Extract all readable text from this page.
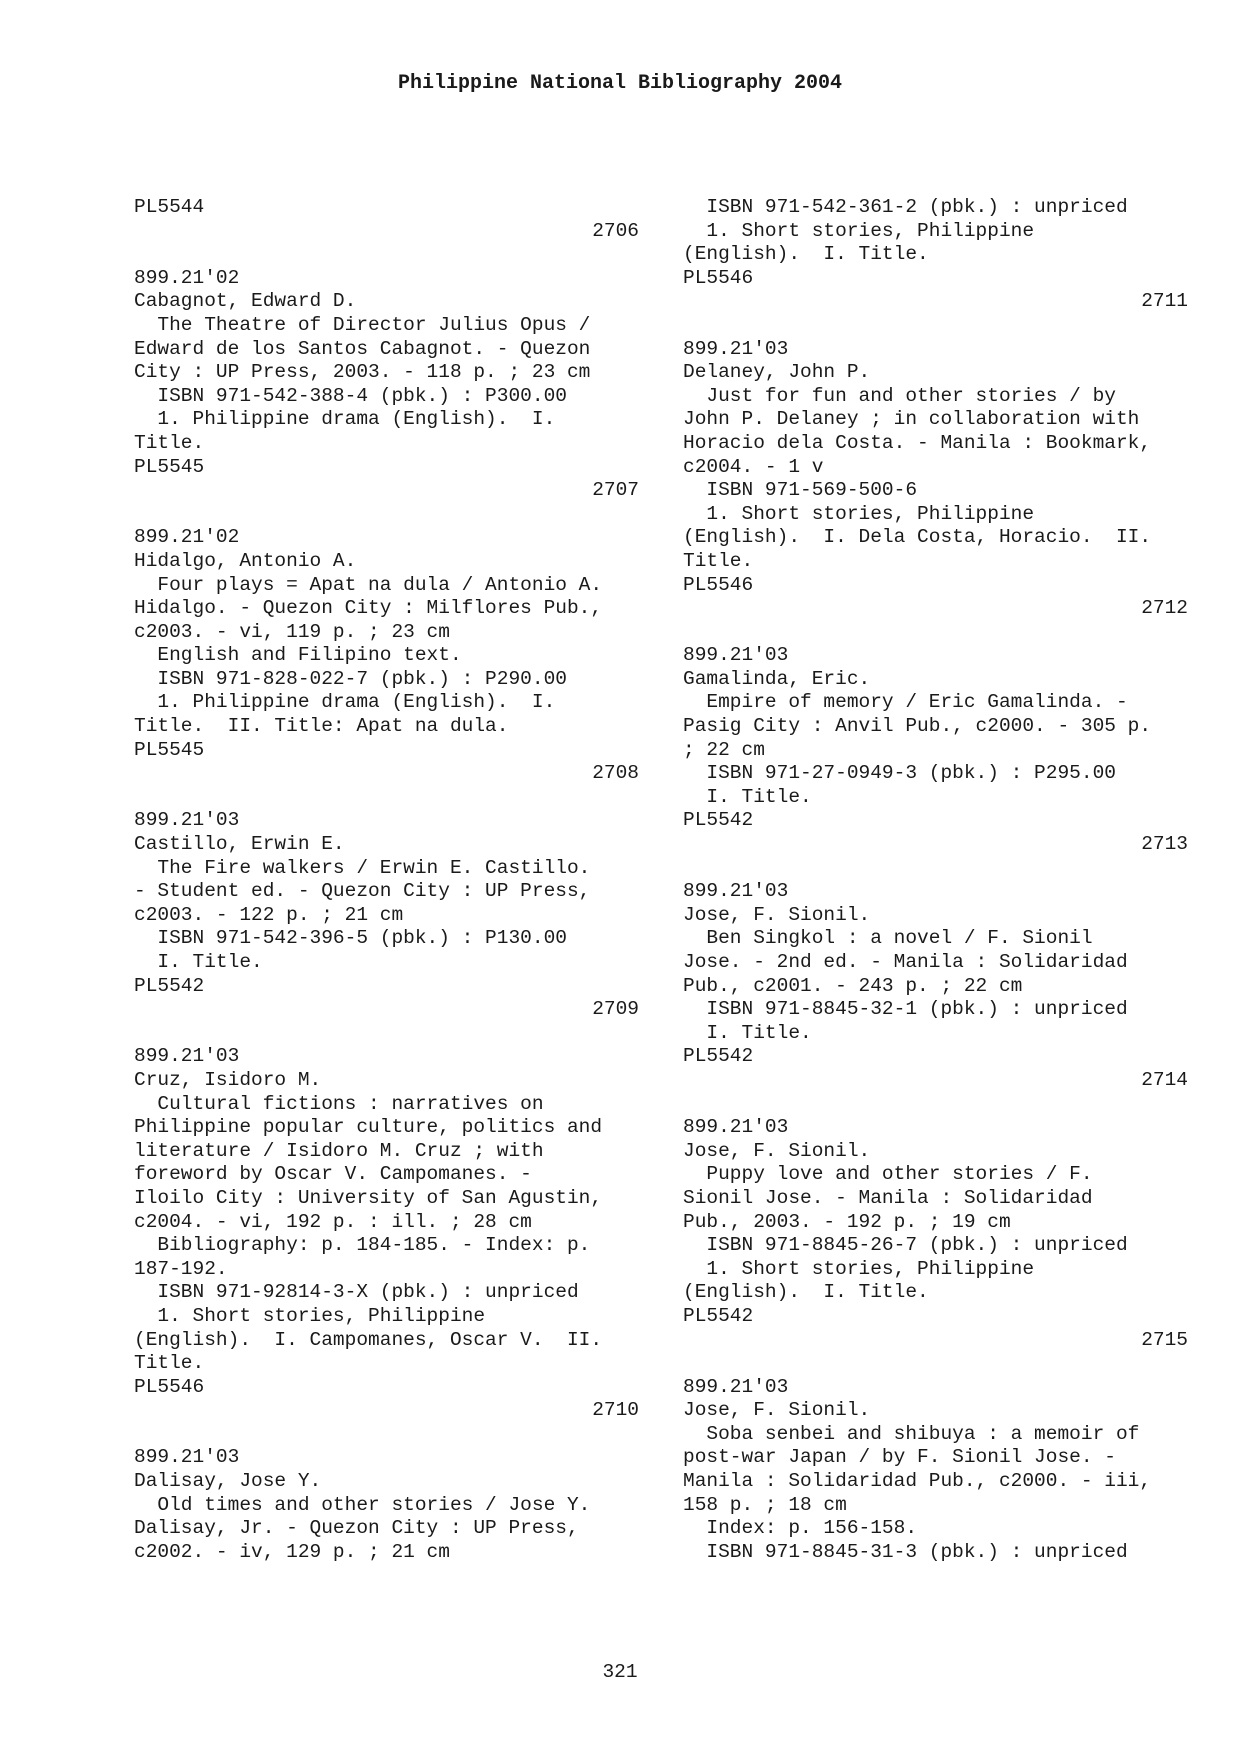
Philippine National Bibliography 2004
PL5544
2706
899.21'02
Cabagnot, Edward D.
The Theatre of Director Julius Opus /
Edward de los Santos Cabagnot. - Quezon
City : UP Press, 2003. - 118 p. ; 23 cm
ISBN 971-542-388-4 (pbk.) : P300.00
1. Philippine drama (English).  I.
Title.
PL5545
2707
899.21'02
Hidalgo, Antonio A.
Four plays = Apat na dula / Antonio A.
Hidalgo. - Quezon City : Milflores Pub.,
c2003. - vi, 119 p. ; 23 cm
English and Filipino text.
ISBN 971-828-022-7 (pbk.) : P290.00
1. Philippine drama (English).  I.
Title.  II. Title: Apat na dula.
PL5545
2708
899.21'03
Castillo, Erwin E.
The Fire walkers / Erwin E. Castillo.
- Student ed. - Quezon City : UP Press,
c2003. - 122 p. ; 21 cm
ISBN 971-542-396-5 (pbk.) : P130.00
I. Title.
PL5542
2709
899.21'03
Cruz, Isidoro M.
Cultural fictions : narratives on
Philippine popular culture, politics and
literature / Isidoro M. Cruz ; with
foreword by Oscar V. Campomanes. -
Iloilo City : University of San Agustin,
c2004. - vi, 192 p. : ill. ; 28 cm
Bibliography: p. 184-185. - Index: p.
187-192.
ISBN 971-92814-3-X (pbk.) : unpriced
1. Short stories, Philippine
(English).  I. Campomanes, Oscar V.  II.
Title.
PL5546
2710
899.21'03
Dalisay, Jose Y.
Old times and other stories / Jose Y.
Dalisay, Jr. - Quezon City : UP Press,
c2002. - iv, 129 p. ; 21 cm
ISBN 971-542-361-2 (pbk.) : unpriced
1. Short stories, Philippine
(English).  I. Title.
PL5546
2711
899.21'03
Delaney, John P.
Just for fun and other stories / by
John P. Delaney ; in collaboration with
Horacio dela Costa. - Manila : Bookmark,
c2004. - 1 v
ISBN 971-569-500-6
1. Short stories, Philippine
(English).  I. Dela Costa, Horacio.  II.
Title.
PL5546
2712
899.21'03
Gamalinda, Eric.
Empire of memory / Eric Gamalinda. -
Pasig City : Anvil Pub., c2000. - 305 p.
; 22 cm
ISBN 971-27-0949-3 (pbk.) : P295.00
I. Title.
PL5542
2713
899.21'03
Jose, F. Sionil.
Ben Singkol : a novel / F. Sionil
Jose. - 2nd ed. - Manila : Solidaridad
Pub., c2001. - 243 p. ; 22 cm
ISBN 971-8845-32-1 (pbk.) : unpriced
I. Title.
PL5542
2714
899.21'03
Jose, F. Sionil.
Puppy love and other stories / F.
Sionil Jose. - Manila : Solidaridad
Pub., 2003. - 192 p. ; 19 cm
ISBN 971-8845-26-7 (pbk.) : unpriced
1. Short stories, Philippine
(English).  I. Title.
PL5542
2715
899.21'03
Jose, F. Sionil.
Soba senbei and shibuya : a memoir of
post-war Japan / by F. Sionil Jose. -
Manila : Solidaridad Pub., c2000. - iii,
158 p. ; 18 cm
Index: p. 156-158.
ISBN 971-8845-31-3 (pbk.) : unpriced
321
